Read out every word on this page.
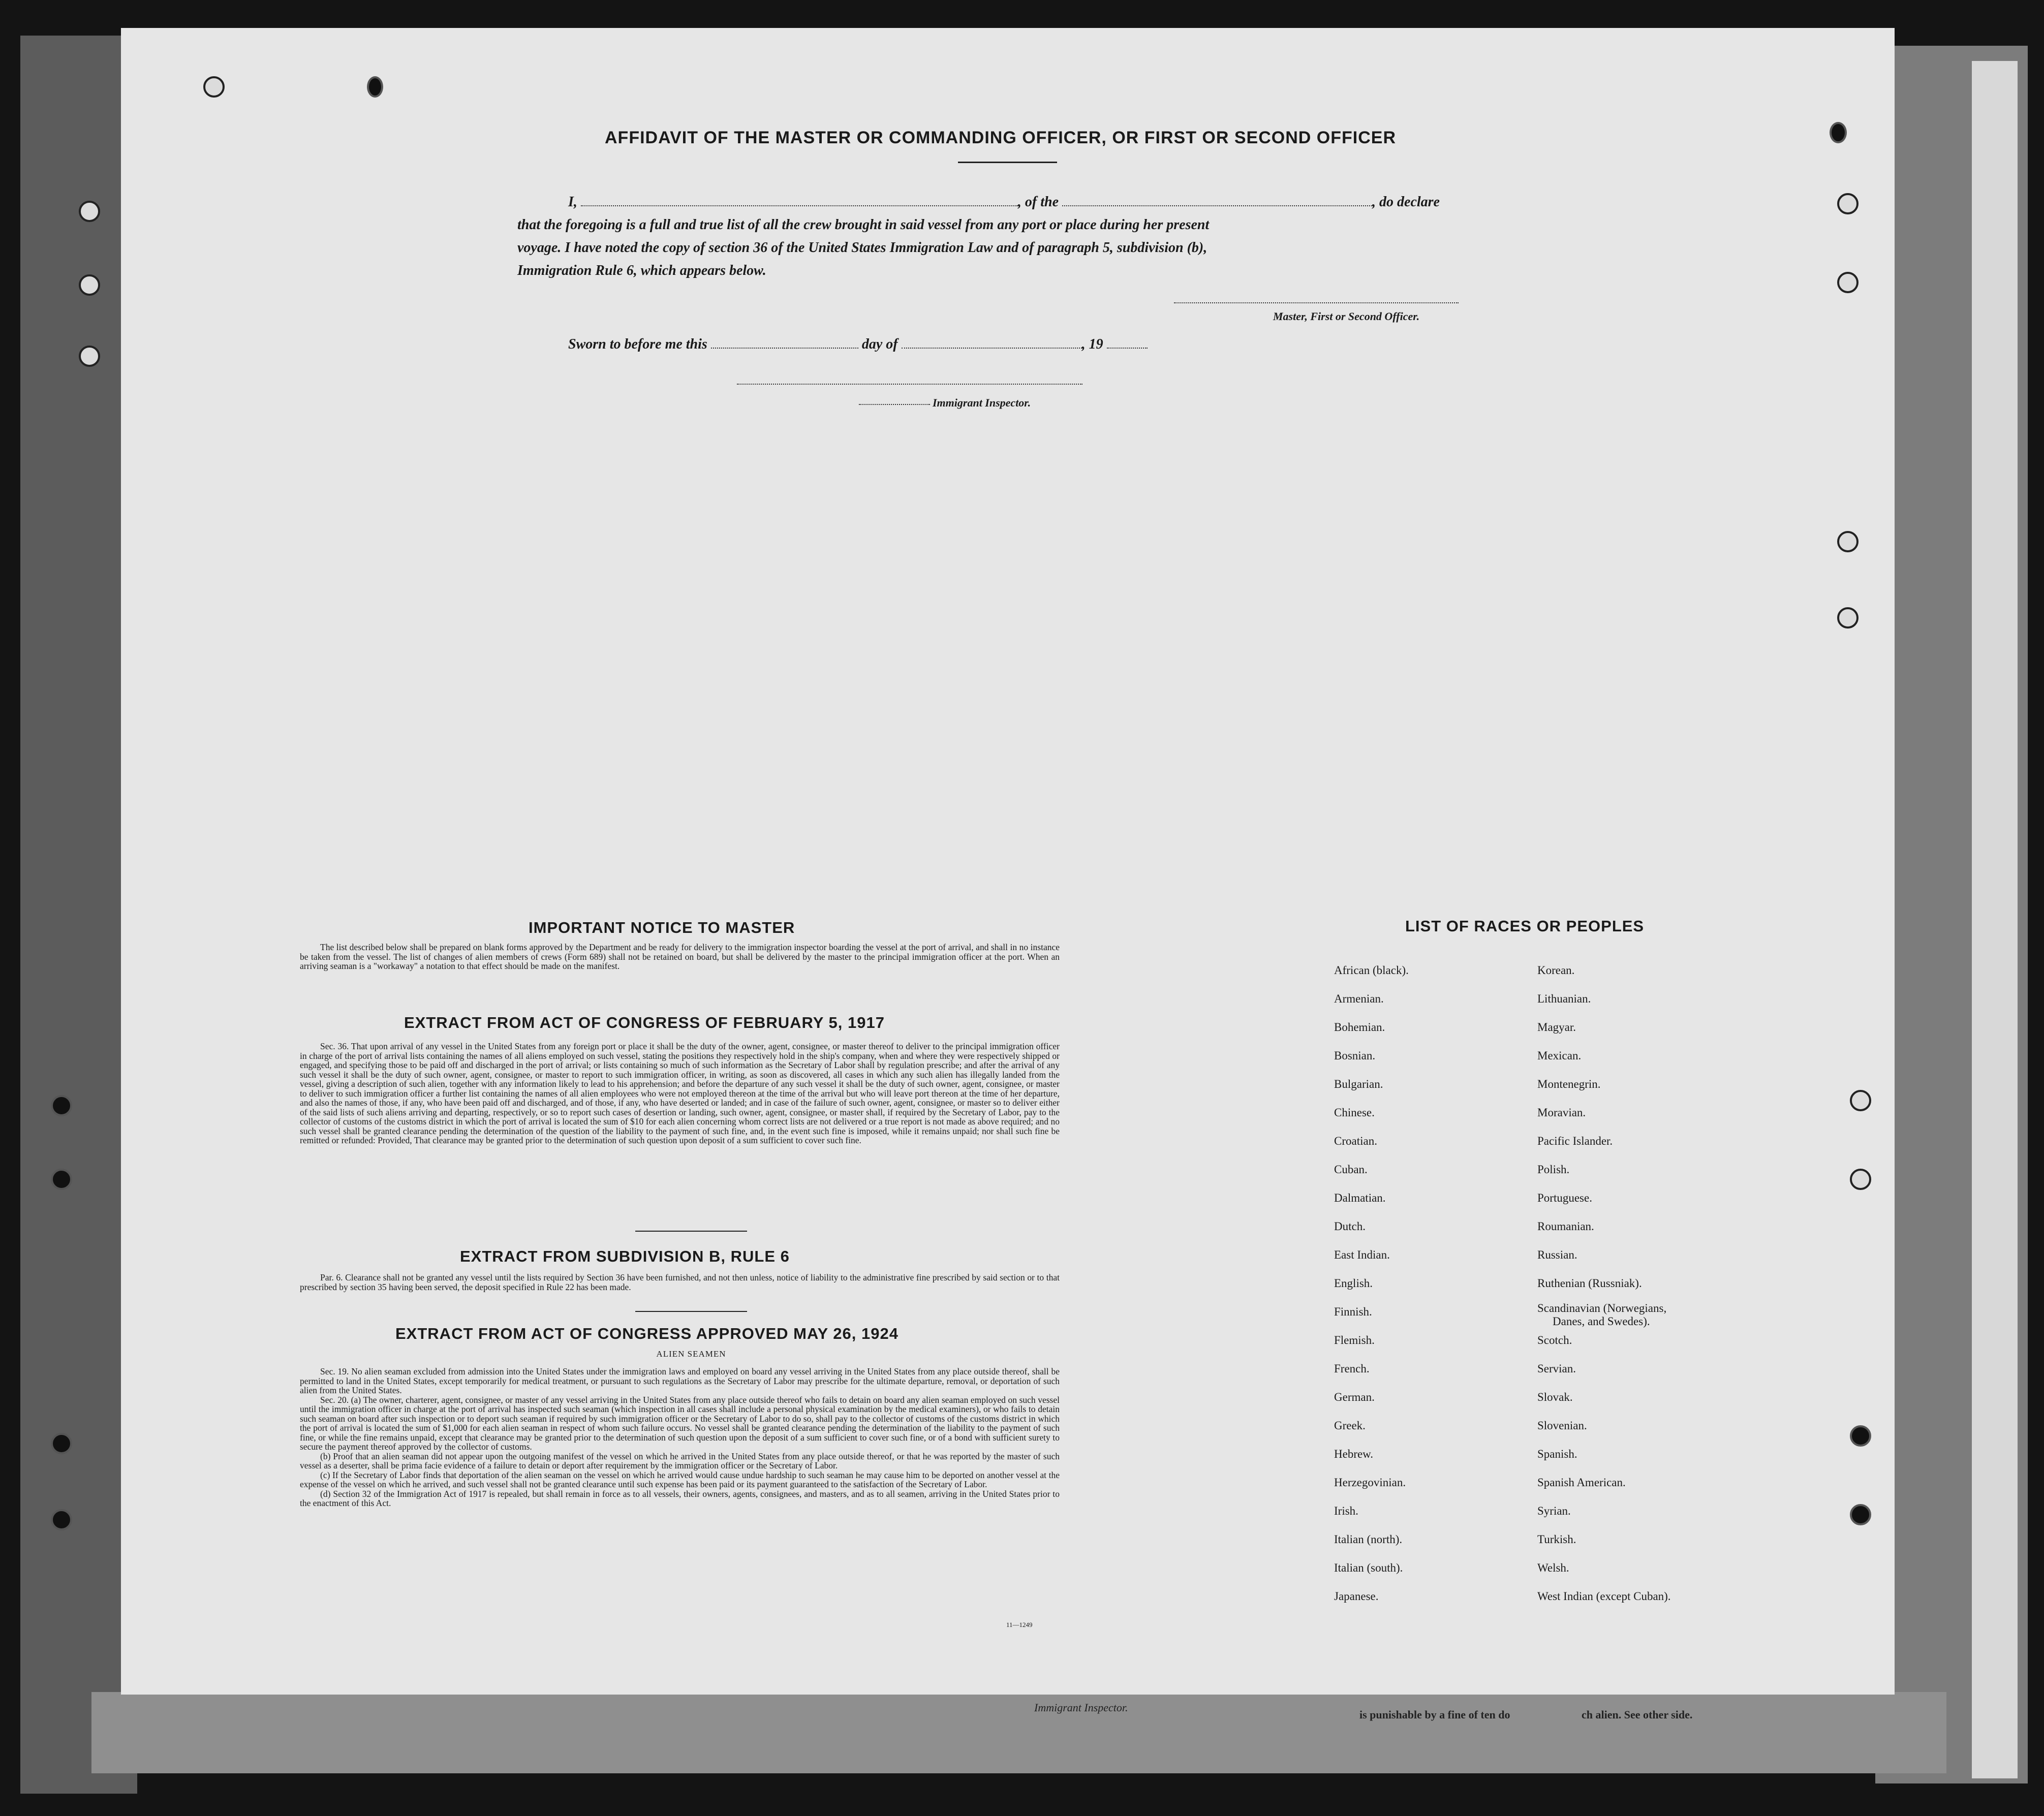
Immigrant Inspector.
is punishable by a fine of ten do	ch alien. See other side.
AFFIDAVIT OF THE MASTER OR COMMANDING OFFICER, OR FIRST OR SECOND OFFICER
I,	, of the	, do declare
that the foregoing is a full and true list of all the crew brought in said vessel from any port or place during her present
voyage. I have noted the copy of section 36 of the United States Immigration Law and of paragraph 5, subdivision (b),
Immigration Rule 6, which appears below.
Master, First or Second Officer.
Sworn to before me this	day of	, 19
Immigrant Inspector.
IMPORTANT NOTICE TO MASTER

The list described below shall be prepared on blank forms approved by the Department and be ready for delivery to the immigration inspector boarding the vessel at the port of arrival, and shall in no instance be taken from the vessel. The list of changes of alien members of crews (Form 689) shall not be retained on board, but shall be delivered by the master to the principal immigration officer at the port. When an arriving seaman is a "workaway" a notation to that effect should be made on the manifest.

EXTRACT FROM ACT OF CONGRESS OF FEBRUARY 5, 1917

Sec. 36. That upon arrival of any vessel in the United States from any foreign port or place it shall be the duty of the owner, agent, consignee, or master thereof to deliver to the principal immigration officer in charge of the port of arrival lists containing the names of all aliens employed on such vessel, stating the positions they respectively hold in the ship's company, when and where they were respectively shipped or engaged, and specifying those to be paid off and discharged in the port of arrival; or lists containing so much of such information as the Secretary of Labor shall by regulation prescribe; and after the arrival of any such vessel it shall be the duty of such owner, agent, consignee, or master to report to such immigration officer, in writing, as soon as discovered, all cases in which any such alien has illegally landed from the vessel, giving a description of such alien, together with any information likely to lead to his apprehension; and before the departure of any such vessel it shall be the duty of such owner, agent, consignee, or master to deliver to such immigration officer a further list containing the names of all alien employees who were not employed thereon at the time of the arrival but who will leave port thereon at the time of her departure, and also the names of those, if any, who have been paid off and discharged, and of those, if any, who have deserted or landed; and in case of the failure of such owner, agent, consignee, or master so to deliver either of the said lists of such aliens arriving and departing, respectively, or so to report such cases of desertion or landing, such owner, agent, consignee, or master shall, if required by the Secretary of Labor, pay to the collector of customs of the customs district in which the port of arrival is located the sum of $10 for each alien concerning whom correct lists are not delivered or a true report is not made as above required; and no such vessel shall be granted clearance pending the determination of the question of the liability to the payment of such fine, and, in the event such fine is imposed, while it remains unpaid; nor shall such fine be remitted or refunded: Provided, That clearance may be granted prior to the determination of such question upon deposit of a sum sufficient to cover such fine.

EXTRACT FROM SUBDIVISION B, RULE 6

Par. 6. Clearance shall not be granted any vessel until the lists required by Section 36 have been furnished, and not then unless, notice of liability to the administrative fine prescribed by said section or to that prescribed by section 35 having been served, the deposit specified in Rule 22 has been made.

EXTRACT FROM ACT OF CONGRESS APPROVED MAY 26, 1924
ALIEN SEAMEN

Sec. 19. No alien seaman excluded from admission into the United States under the immigration laws and employed on board any vessel arriving in the United States from any place outside thereof, shall be permitted to land in the United States, except temporarily for medical treatment, or pursuant to such regulations as the Secretary of Labor may prescribe for the ultimate departure, removal, or deportation of such alien from the United States.

Sec. 20. (a) The owner, charterer, agent, consignee, or master of any vessel arriving in the United States from any place outside thereof who fails to detain on board any alien seaman employed on such vessel until the immigration officer in charge at the port of arrival has inspected such seaman (which inspection in all cases shall include a personal physical examination by the medical examiners), or who fails to detain such seaman on board after such inspection or to deport such seaman if required by such immigration officer or the Secretary of Labor to do so, shall pay to the collector of customs of the customs district in which the port of arrival is located the sum of $1,000 for each alien seaman in respect of whom such failure occurs. No vessel shall be granted clearance pending the determination of the liability to the payment of such fine, or while the fine remains unpaid, except that clearance may be granted prior to the determination of such question upon the deposit of a sum sufficient to cover such fine, or of a bond with sufficient surety to secure the payment thereof approved by the collector of customs.

(b) Proof that an alien seaman did not appear upon the outgoing manifest of the vessel on which he arrived in the United States from any place outside thereof, or that he was reported by the master of such vessel as a deserter, shall be prima facie evidence of a failure to detain or deport after requirement by the immigration officer or the Secretary of Labor.

(c) If the Secretary of Labor finds that deportation of the alien seaman on the vessel on which he arrived would cause undue hardship to such seaman he may cause him to be deported on another vessel at the expense of the vessel on which he arrived, and such vessel shall not be granted clearance until such expense has been paid or its payment guaranteed to the satisfaction of the Secretary of Labor.

(d) Section 32 of the Immigration Act of 1917 is repealed, but shall remain in force as to all vessels, their owners, agents, consignees, and masters, and as to all seamen, arriving in the United States prior to the enactment of this Act.

11—1249
LIST OF RACES OR PEOPLES
African (black).
Armenian.
Bohemian.
Bosnian.
Bulgarian.
Chinese.
Croatian.
Cuban.
Dalmatian.
Dutch.
East Indian.
English.
Finnish.
Flemish.
French.
German.
Greek.
Hebrew.
Herzegovinian.
Irish.
Italian (north).
Italian (south).
Japanese.
Korean.
Lithuanian.
Magyar.
Mexican.
Montenegrin.
Moravian.
Pacific Islander.
Polish.
Portuguese.
Roumanian.
Russian.
Ruthenian (Russniak).
Scandinavian (Norwegians,
Danes, and Swedes).
Scotch.
Servian.
Slovak.
Slovenian.
Spanish.
Spanish American.
Syrian.
Turkish.
Welsh.
West Indian (except Cuban).
